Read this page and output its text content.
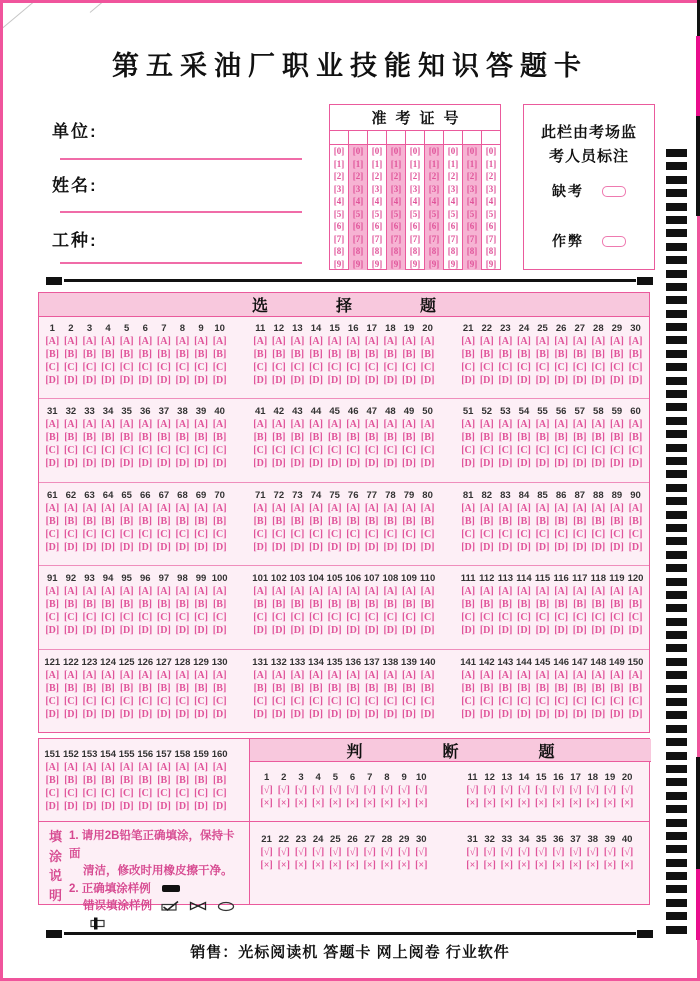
第五采油厂职业技能知识答题卡
单位:
姓名:
工种:
准考证号
[0]
[1]
[2]
[3]
[4]
[5]
[6]
[7]
[8]
[9]
[0]
[1]
[2]
[3]
[4]
[5]
[6]
[7]
[8]
[9]
[0]
[1]
[2]
[3]
[4]
[5]
[6]
[7]
[8]
[9]
[0]
[1]
[2]
[3]
[4]
[5]
[6]
[7]
[8]
[9]
[0]
[1]
[2]
[3]
[4]
[5]
[6]
[7]
[8]
[9]
[0]
[1]
[2]
[3]
[4]
[5]
[6]
[7]
[8]
[9]
[0]
[1]
[2]
[3]
[4]
[5]
[6]
[7]
[8]
[9]
[0]
[1]
[2]
[3]
[4]
[5]
[6]
[7]
[8]
[9]
[0]
[1]
[2]
[3]
[4]
[5]
[6]
[7]
[8]
[9]
此栏由考场监
考人员标注
缺考
作弊
选择题
1
[A]
[B]
[C]
[D]
2
[A]
[B]
[C]
[D]
3
[A]
[B]
[C]
[D]
4
[A]
[B]
[C]
[D]
5
[A]
[B]
[C]
[D]
6
[A]
[B]
[C]
[D]
7
[A]
[B]
[C]
[D]
8
[A]
[B]
[C]
[D]
9
[A]
[B]
[C]
[D]
10
[A]
[B]
[C]
[D]
11
[A]
[B]
[C]
[D]
12
[A]
[B]
[C]
[D]
13
[A]
[B]
[C]
[D]
14
[A]
[B]
[C]
[D]
15
[A]
[B]
[C]
[D]
16
[A]
[B]
[C]
[D]
17
[A]
[B]
[C]
[D]
18
[A]
[B]
[C]
[D]
19
[A]
[B]
[C]
[D]
20
[A]
[B]
[C]
[D]
21
[A]
[B]
[C]
[D]
22
[A]
[B]
[C]
[D]
23
[A]
[B]
[C]
[D]
24
[A]
[B]
[C]
[D]
25
[A]
[B]
[C]
[D]
26
[A]
[B]
[C]
[D]
27
[A]
[B]
[C]
[D]
28
[A]
[B]
[C]
[D]
29
[A]
[B]
[C]
[D]
30
[A]
[B]
[C]
[D]
31
[A]
[B]
[C]
[D]
32
[A]
[B]
[C]
[D]
33
[A]
[B]
[C]
[D]
34
[A]
[B]
[C]
[D]
35
[A]
[B]
[C]
[D]
36
[A]
[B]
[C]
[D]
37
[A]
[B]
[C]
[D]
38
[A]
[B]
[C]
[D]
39
[A]
[B]
[C]
[D]
40
[A]
[B]
[C]
[D]
41
[A]
[B]
[C]
[D]
42
[A]
[B]
[C]
[D]
43
[A]
[B]
[C]
[D]
44
[A]
[B]
[C]
[D]
45
[A]
[B]
[C]
[D]
46
[A]
[B]
[C]
[D]
47
[A]
[B]
[C]
[D]
48
[A]
[B]
[C]
[D]
49
[A]
[B]
[C]
[D]
50
[A]
[B]
[C]
[D]
51
[A]
[B]
[C]
[D]
52
[A]
[B]
[C]
[D]
53
[A]
[B]
[C]
[D]
54
[A]
[B]
[C]
[D]
55
[A]
[B]
[C]
[D]
56
[A]
[B]
[C]
[D]
57
[A]
[B]
[C]
[D]
58
[A]
[B]
[C]
[D]
59
[A]
[B]
[C]
[D]
60
[A]
[B]
[C]
[D]
61
[A]
[B]
[C]
[D]
62
[A]
[B]
[C]
[D]
63
[A]
[B]
[C]
[D]
64
[A]
[B]
[C]
[D]
65
[A]
[B]
[C]
[D]
66
[A]
[B]
[C]
[D]
67
[A]
[B]
[C]
[D]
68
[A]
[B]
[C]
[D]
69
[A]
[B]
[C]
[D]
70
[A]
[B]
[C]
[D]
71
[A]
[B]
[C]
[D]
72
[A]
[B]
[C]
[D]
73
[A]
[B]
[C]
[D]
74
[A]
[B]
[C]
[D]
75
[A]
[B]
[C]
[D]
76
[A]
[B]
[C]
[D]
77
[A]
[B]
[C]
[D]
78
[A]
[B]
[C]
[D]
79
[A]
[B]
[C]
[D]
80
[A]
[B]
[C]
[D]
81
[A]
[B]
[C]
[D]
82
[A]
[B]
[C]
[D]
83
[A]
[B]
[C]
[D]
84
[A]
[B]
[C]
[D]
85
[A]
[B]
[C]
[D]
86
[A]
[B]
[C]
[D]
87
[A]
[B]
[C]
[D]
88
[A]
[B]
[C]
[D]
89
[A]
[B]
[C]
[D]
90
[A]
[B]
[C]
[D]
91
[A]
[B]
[C]
[D]
92
[A]
[B]
[C]
[D]
93
[A]
[B]
[C]
[D]
94
[A]
[B]
[C]
[D]
95
[A]
[B]
[C]
[D]
96
[A]
[B]
[C]
[D]
97
[A]
[B]
[C]
[D]
98
[A]
[B]
[C]
[D]
99
[A]
[B]
[C]
[D]
100
[A]
[B]
[C]
[D]
101
[A]
[B]
[C]
[D]
102
[A]
[B]
[C]
[D]
103
[A]
[B]
[C]
[D]
104
[A]
[B]
[C]
[D]
105
[A]
[B]
[C]
[D]
106
[A]
[B]
[C]
[D]
107
[A]
[B]
[C]
[D]
108
[A]
[B]
[C]
[D]
109
[A]
[B]
[C]
[D]
110
[A]
[B]
[C]
[D]
111
[A]
[B]
[C]
[D]
112
[A]
[B]
[C]
[D]
113
[A]
[B]
[C]
[D]
114
[A]
[B]
[C]
[D]
115
[A]
[B]
[C]
[D]
116
[A]
[B]
[C]
[D]
117
[A]
[B]
[C]
[D]
118
[A]
[B]
[C]
[D]
119
[A]
[B]
[C]
[D]
120
[A]
[B]
[C]
[D]
121
[A]
[B]
[C]
[D]
122
[A]
[B]
[C]
[D]
123
[A]
[B]
[C]
[D]
124
[A]
[B]
[C]
[D]
125
[A]
[B]
[C]
[D]
126
[A]
[B]
[C]
[D]
127
[A]
[B]
[C]
[D]
128
[A]
[B]
[C]
[D]
129
[A]
[B]
[C]
[D]
130
[A]
[B]
[C]
[D]
131
[A]
[B]
[C]
[D]
132
[A]
[B]
[C]
[D]
133
[A]
[B]
[C]
[D]
134
[A]
[B]
[C]
[D]
135
[A]
[B]
[C]
[D]
136
[A]
[B]
[C]
[D]
137
[A]
[B]
[C]
[D]
138
[A]
[B]
[C]
[D]
139
[A]
[B]
[C]
[D]
140
[A]
[B]
[C]
[D]
141
[A]
[B]
[C]
[D]
142
[A]
[B]
[C]
[D]
143
[A]
[B]
[C]
[D]
144
[A]
[B]
[C]
[D]
145
[A]
[B]
[C]
[D]
146
[A]
[B]
[C]
[D]
147
[A]
[B]
[C]
[D]
148
[A]
[B]
[C]
[D]
149
[A]
[B]
[C]
[D]
150
[A]
[B]
[C]
[D]
151
[A]
[B]
[C]
[D]
152
[A]
[B]
[C]
[D]
153
[A]
[B]
[C]
[D]
154
[A]
[B]
[C]
[D]
155
[A]
[B]
[C]
[D]
156
[A]
[B]
[C]
[D]
157
[A]
[B]
[C]
[D]
158
[A]
[B]
[C]
[D]
159
[A]
[B]
[C]
[D]
160
[A]
[B]
[C]
[D]
填
涂
说
明
1. 请用2B铅笔正确填涂，保持卡面
清洁，修改时用橡皮擦干净。
2. 正确填涂样例
错误填涂样例
判断题
1
[√]
[×]
2
[√]
[×]
3
[√]
[×]
4
[√]
[×]
5
[√]
[×]
6
[√]
[×]
7
[√]
[×]
8
[√]
[×]
9
[√]
[×]
10
[√]
[×]
11
[√]
[×]
12
[√]
[×]
13
[√]
[×]
14
[√]
[×]
15
[√]
[×]
16
[√]
[×]
17
[√]
[×]
18
[√]
[×]
19
[√]
[×]
20
[√]
[×]
21
[√]
[×]
22
[√]
[×]
23
[√]
[×]
24
[√]
[×]
25
[√]
[×]
26
[√]
[×]
27
[√]
[×]
28
[√]
[×]
29
[√]
[×]
30
[√]
[×]
31
[√]
[×]
32
[√]
[×]
33
[√]
[×]
34
[√]
[×]
35
[√]
[×]
36
[√]
[×]
37
[√]
[×]
38
[√]
[×]
39
[√]
[×]
40
[√]
[×]
销售：光标阅读机 答题卡 网上阅卷 行业软件
